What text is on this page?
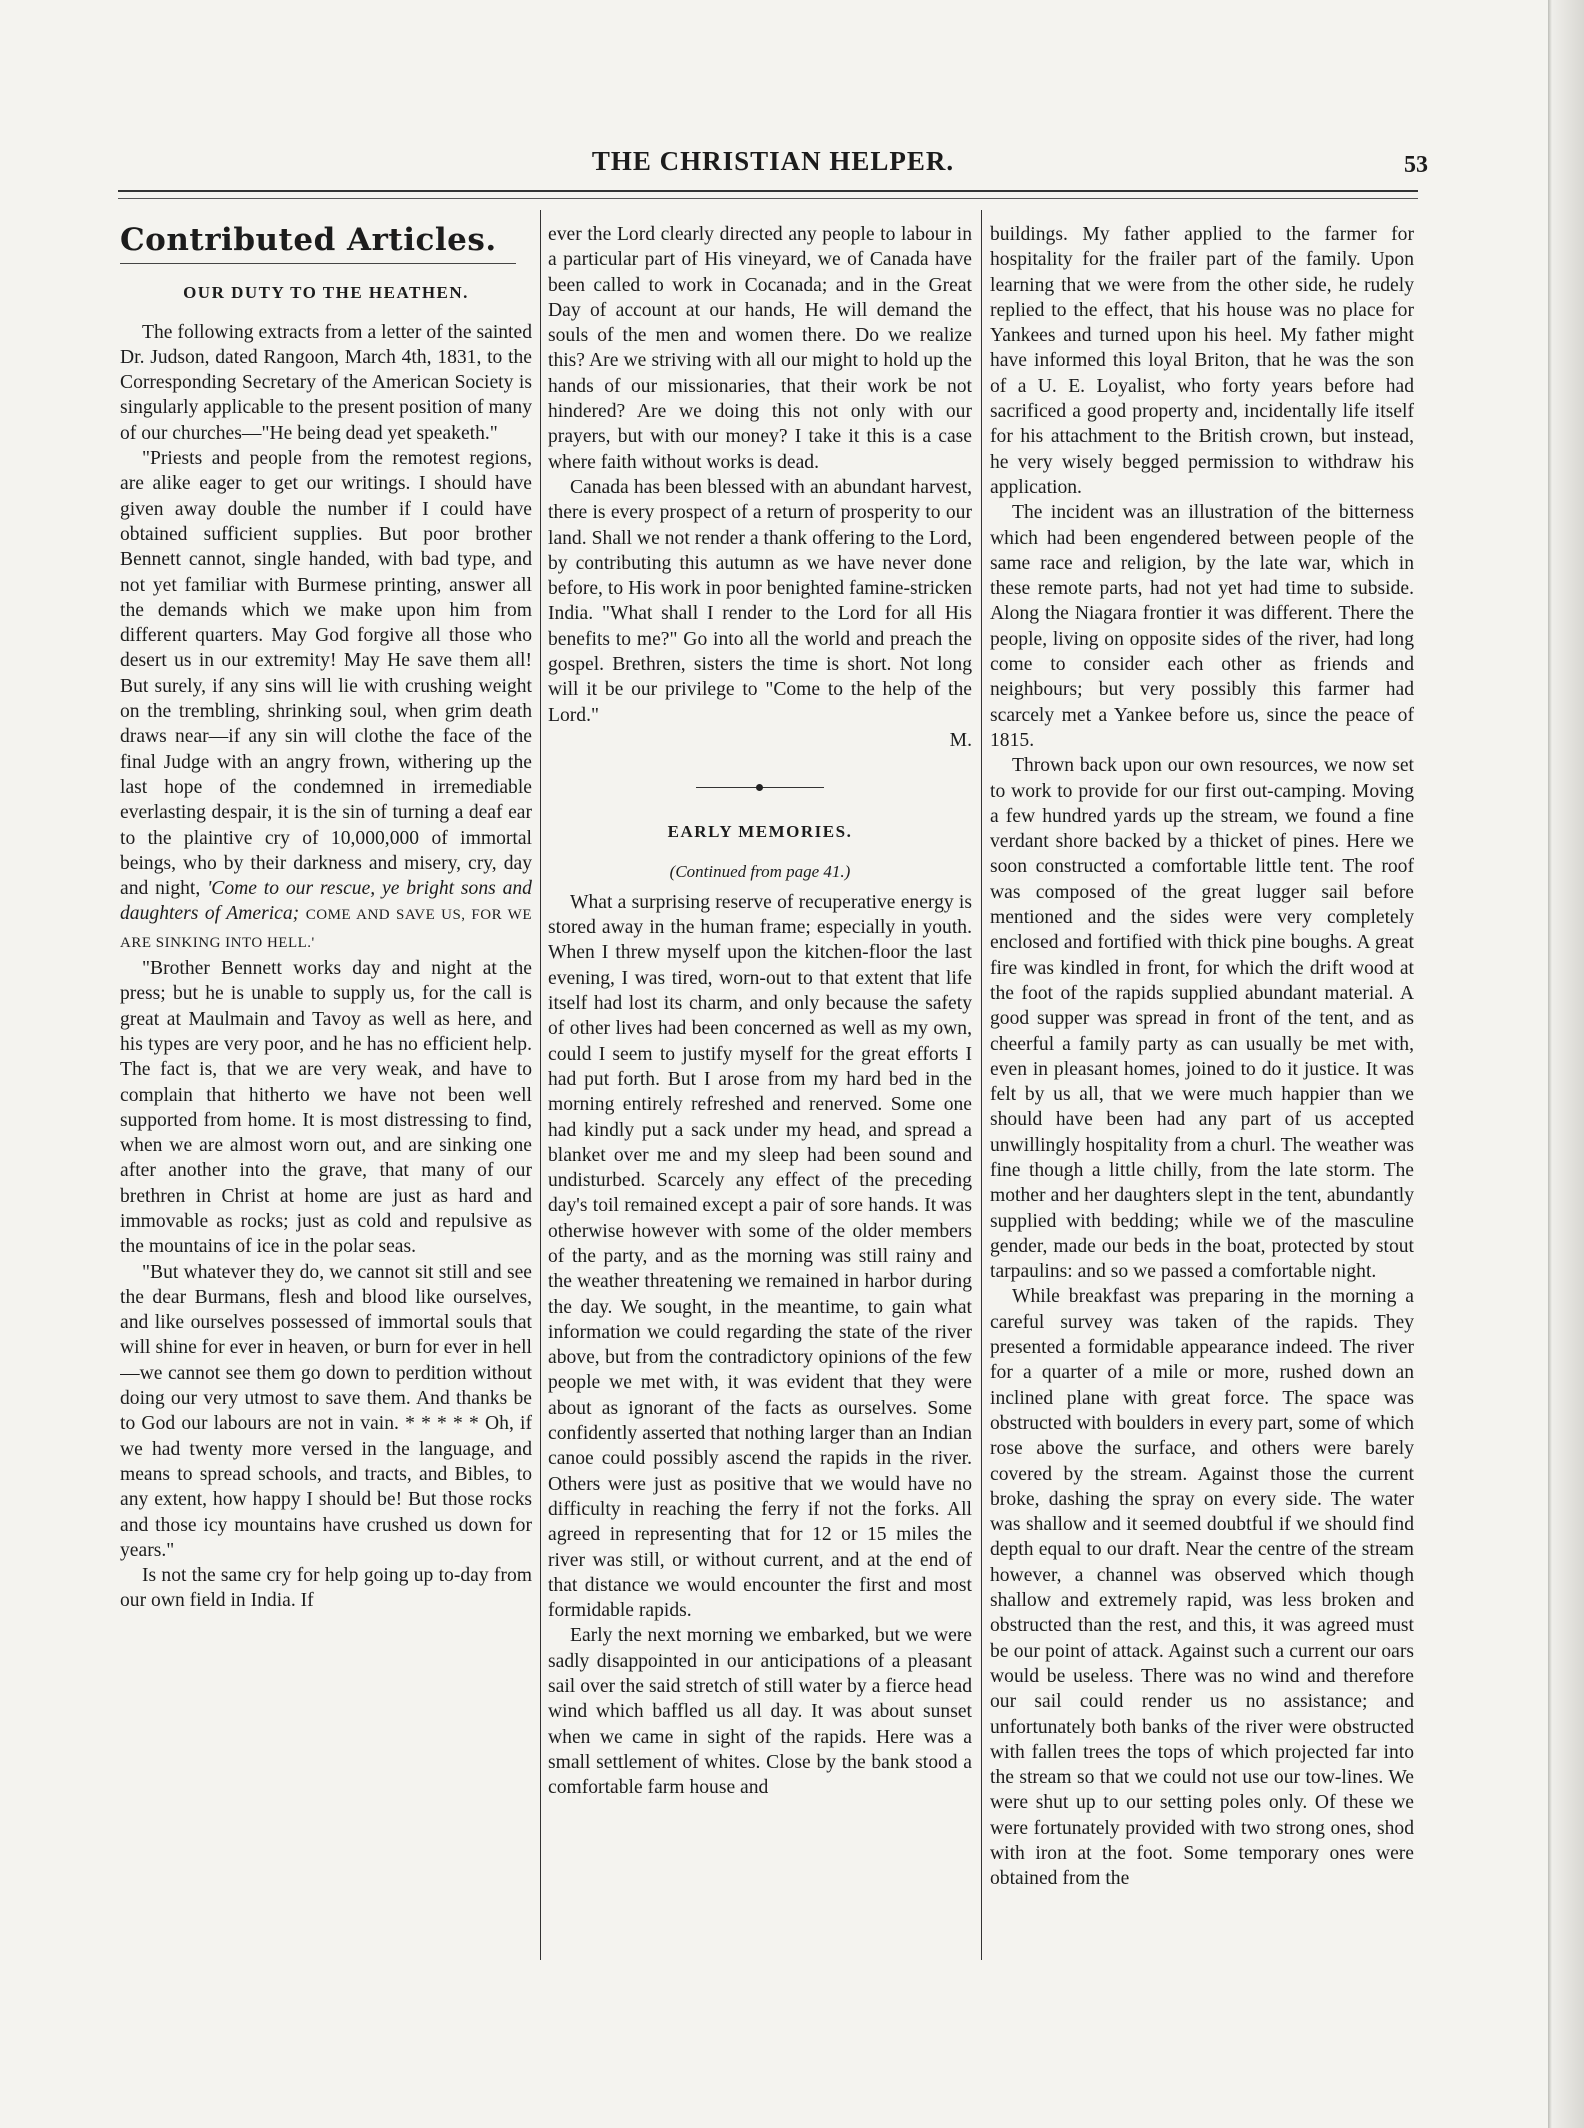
THE CHRISTIAN HELPER.	53
Contributed Articles.
OUR DUTY TO THE HEATHEN.

The following extracts from a letter of the sainted Dr. Judson, dated Rangoon, March 4th, 1831, to the Corresponding Secretary of the American Society is singularly applicable to the present position of many of our churches—"He being dead yet speaketh."

"Priests and people from the remotest regions, are alike eager to get our writings. I should have given away double the number if I could have obtained sufficient supplies. But poor brother Bennett cannot, single handed, with bad type, and not yet familiar with Burmese printing, answer all the demands which we make upon him from different quarters. May God forgive all those who desert us in our extremity! May He save them all! But surely, if any sins will lie with crushing weight on the trembling, shrinking soul, when grim death draws near—if any sin will clothe the face of the final Judge with an angry frown, withering up the last hope of the condemned in irremediable everlasting despair, it is the sin of turning a deaf ear to the plaintive cry of 10,000,000 of immortal beings, who by their darkness and misery, cry, day and night, 'Come to our rescue, ye bright sons and daughters of America; COME AND SAVE US, FOR WE ARE SINKING INTO HELL.'

"Brother Bennett works day and night at the press; but he is unable to supply us, for the call is great at Maulmain and Tavoy as well as here, and his types are very poor, and he has no efficient help. The fact is, that we are very weak, and have to complain that hitherto we have not been well supported from home. It is most distressing to find, when we are almost worn out, and are sinking one after another into the grave, that many of our brethren in Christ at home are just as hard and immovable as rocks; just as cold and repulsive as the mountains of ice in the polar seas.

"But whatever they do, we cannot sit still and see the dear Burmans, flesh and blood like ourselves, and like ourselves possessed of immortal souls that will shine for ever in heaven, or burn for ever in hell—we cannot see them go down to perdition without doing our very utmost to save them. And thanks be to God our labours are not in vain. * * * * * Oh, if we had twenty more versed in the language, and means to spread schools, and tracts, and Bibles, to any extent, how happy I should be! But those rocks and those icy mountains have crushed us down for years."

Is not the same cry for help going up to-day from our own field in India. If

ever the Lord clearly directed any people to labour in a particular part of His vineyard, we of Canada have been called to work in Cocanada; and in the Great Day of account at our hands, He will demand the souls of the men and women there. Do we realize this? Are we striving with all our might to hold up the hands of our missionaries, that their work be not hindered? Are we doing this not only with our prayers, but with our money? I take it this is a case where faith without works is dead.

Canada has been blessed with an abundant harvest, there is every prospect of a return of prosperity to our land. Shall we not render a thank offering to the Lord, by contributing this autumn as we have never done before, to His work in poor benighted famine-stricken India. "What shall I render to the Lord for all His benefits to me?" Go into all the world and preach the gospel. Brethren, sisters the time is short. Not long will it be our privilege to "Come to the help of the Lord."

M.
EARLY MEMORIES.
(Continued from page 41.)

What a surprising reserve of recuperative energy is stored away in the human frame; especially in youth. When I threw myself upon the kitchen-floor the last evening, I was tired, worn-out to that extent that life itself had lost its charm, and only because the safety of other lives had been concerned as well as my own, could I seem to justify myself for the great efforts I had put forth. But I arose from my hard bed in the morning entirely refreshed and renerved. Some one had kindly put a sack under my head, and spread a blanket over me and my sleep had been sound and undisturbed. Scarcely any effect of the preceding day's toil remained except a pair of sore hands. It was otherwise however with some of the older members of the party, and as the morning was still rainy and the weather threatening we remained in harbor during the day. We sought, in the meantime, to gain what information we could regarding the state of the river above, but from the contradictory opinions of the few people we met with, it was evident that they were about as ignorant of the facts as ourselves. Some confidently asserted that nothing larger than an Indian canoe could possibly ascend the rapids in the river. Others were just as positive that we would have no difficulty in reaching the ferry if not the forks. All agreed in representing that for 12 or 15 miles the river was still, or without current, and at the end of that distance we would encounter the first and most formidable rapids.

Early the next morning we embarked, but we were sadly disappointed in our anticipations of a pleasant sail over the said stretch of still water by a fierce head wind which baffled us all day. It was about sunset when we came in sight of the rapids. Here was a small settlement of whites. Close by the bank stood a comfortable farm house and

buildings. My father applied to the farmer for hospitality for the frailer part of the family. Upon learning that we were from the other side, he rudely replied to the effect, that his house was no place for Yankees and turned upon his heel. My father might have informed this loyal Briton, that he was the son of a U. E. Loyalist, who forty years before had sacrificed a good property and, incidentally life itself for his attachment to the British crown, but instead, he very wisely begged permission to withdraw his application.

The incident was an illustration of the bitterness which had been engendered between people of the same race and religion, by the late war, which in these remote parts, had not yet had time to subside. Along the Niagara frontier it was different. There the people, living on opposite sides of the river, had long come to consider each other as friends and neighbours; but very possibly this farmer had scarcely met a Yankee before us, since the peace of 1815.

Thrown back upon our own resources, we now set to work to provide for our first out-camping. Moving a few hundred yards up the stream, we found a fine verdant shore backed by a thicket of pines. Here we soon constructed a comfortable little tent. The roof was composed of the great lugger sail before mentioned and the sides were very completely enclosed and fortified with thick pine boughs. A great fire was kindled in front, for which the drift wood at the foot of the rapids supplied abundant material. A good supper was spread in front of the tent, and as cheerful a family party as can usually be met with, even in pleasant homes, joined to do it justice. It was felt by us all, that we were much happier than we should have been had any part of us accepted unwillingly hospitality from a churl. The weather was fine though a little chilly, from the late storm. The mother and her daughters slept in the tent, abundantly supplied with bedding; while we of the masculine gender, made our beds in the boat, protected by stout tarpaulins: and so we passed a comfortable night.

While breakfast was preparing in the morning a careful survey was taken of the rapids. They presented a formidable appearance indeed. The river for a quarter of a mile or more, rushed down an inclined plane with great force. The space was obstructed with boulders in every part, some of which rose above the surface, and others were barely covered by the stream. Against those the current broke, dashing the spray on every side. The water was shallow and it seemed doubtful if we should find depth equal to our draft. Near the centre of the stream however, a channel was observed which though shallow and extremely rapid, was less broken and obstructed than the rest, and this, it was agreed must be our point of attack. Against such a current our oars would be useless. There was no wind and therefore our sail could render us no assistance; and unfortunately both banks of the river were obstructed with fallen trees the tops of which projected far into the stream so that we could not use our tow-lines. We were shut up to our setting poles only. Of these we were fortunately provided with two strong ones, shod with iron at the foot. Some temporary ones were obtained from the
